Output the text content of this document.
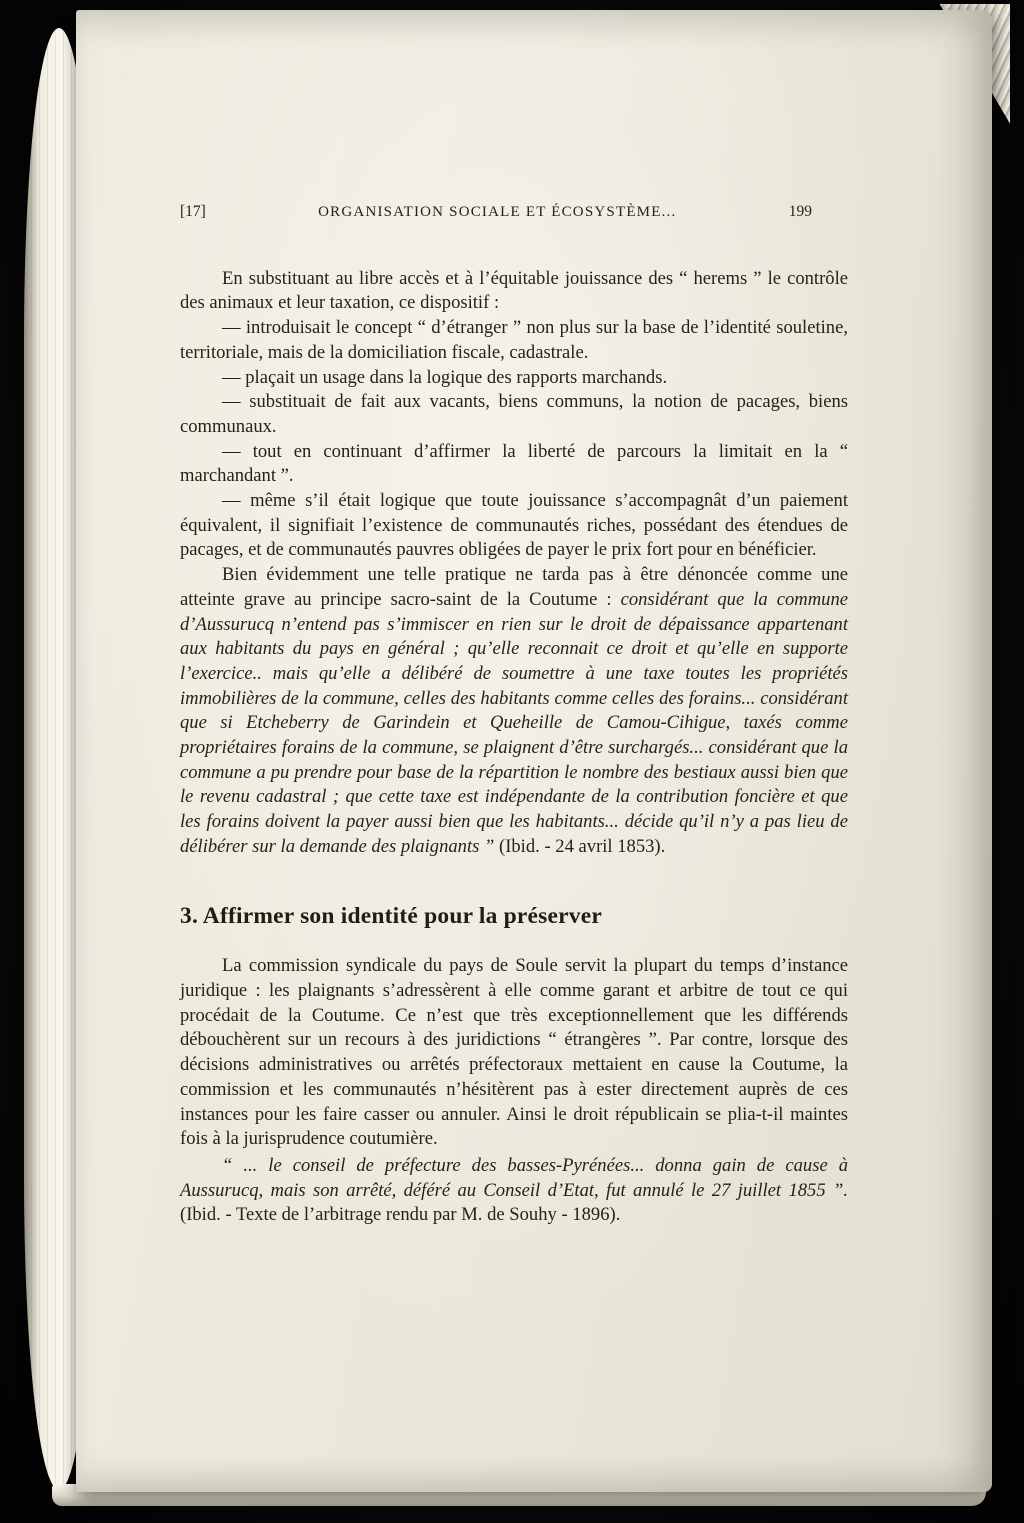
[17]	ORGANISATION SOCIALE ET ÉCOSYSTÈME...	199

En substituant au libre accès et à l’équitable jouissance des “ herems ” le contrôle des animaux et leur taxation, ce dispositif :

— introduisait le concept “ d’étranger ” non plus sur la base de l’identité souletine, territoriale, mais de la domiciliation fiscale, cadastrale.

— plaçait un usage dans la logique des rapports marchands.

— substituait de fait aux vacants, biens communs, la notion de pacages, biens communaux.

— tout en continuant d’affirmer la liberté de parcours la limitait en la “ marchandant ”.

— même s’il était logique que toute jouissance s’accompagnât d’un paiement équivalent, il signifiait l’existence de communautés riches, possédant des étendues de pacages, et de communautés pauvres obligées de payer le prix fort pour en bénéficier.

Bien évidemment une telle pratique ne tarda pas à être dénoncée comme une atteinte grave au principe sacro-saint de la Coutume : considérant que la commune d’Aussurucq n’entend pas s’immiscer en rien sur le droit de dépaissance appartenant aux habitants du pays en général ; qu’elle reconnait ce droit et qu’elle en supporte l’exercice.. mais qu’elle a délibéré de soumettre à une taxe toutes les propriétés immobilières de la commune, celles des habitants comme celles des forains... considérant que si Etcheberry de Garindein et Queheille de Camou-Cihigue, taxés comme propriétaires forains de la commune, se plaignent d’être surchargés... considérant que la commune a pu prendre pour base de la répartition le nombre des bestiaux aussi bien que le revenu cadastral ; que cette taxe est indépendante de la contribution foncière et que les forains doivent la payer aussi bien que les habitants... décide qu’il n’y a pas lieu de délibérer sur la demande des plaignants ” (Ibid. - 24 avril 1853).

3. Affirmer son identité pour la préserver

La commission syndicale du pays de Soule servit la plupart du temps d’instance juridique : les plaignants s’adressèrent à elle comme garant et arbitre de tout ce qui procédait de la Coutume. Ce n’est que très exceptionnellement que les différends débouchèrent sur un recours à des juridictions “ étrangères ”. Par contre, lorsque des décisions administratives ou arrêtés préfectoraux mettaient en cause la Coutume, la commission et les communautés n’hésitèrent pas à ester directement auprès de ces instances pour les faire casser ou annuler. Ainsi le droit républicain se plia-t-il maintes fois à la jurisprudence coutumière.

“ ... le conseil de préfecture des basses-Pyrénées... donna gain de cause à Aussurucq, mais son arrêté, déféré au Conseil d’Etat, fut annulé le 27 juillet 1855 ”. (Ibid. - Texte de l’arbitrage rendu par M. de Souhy - 1896).
